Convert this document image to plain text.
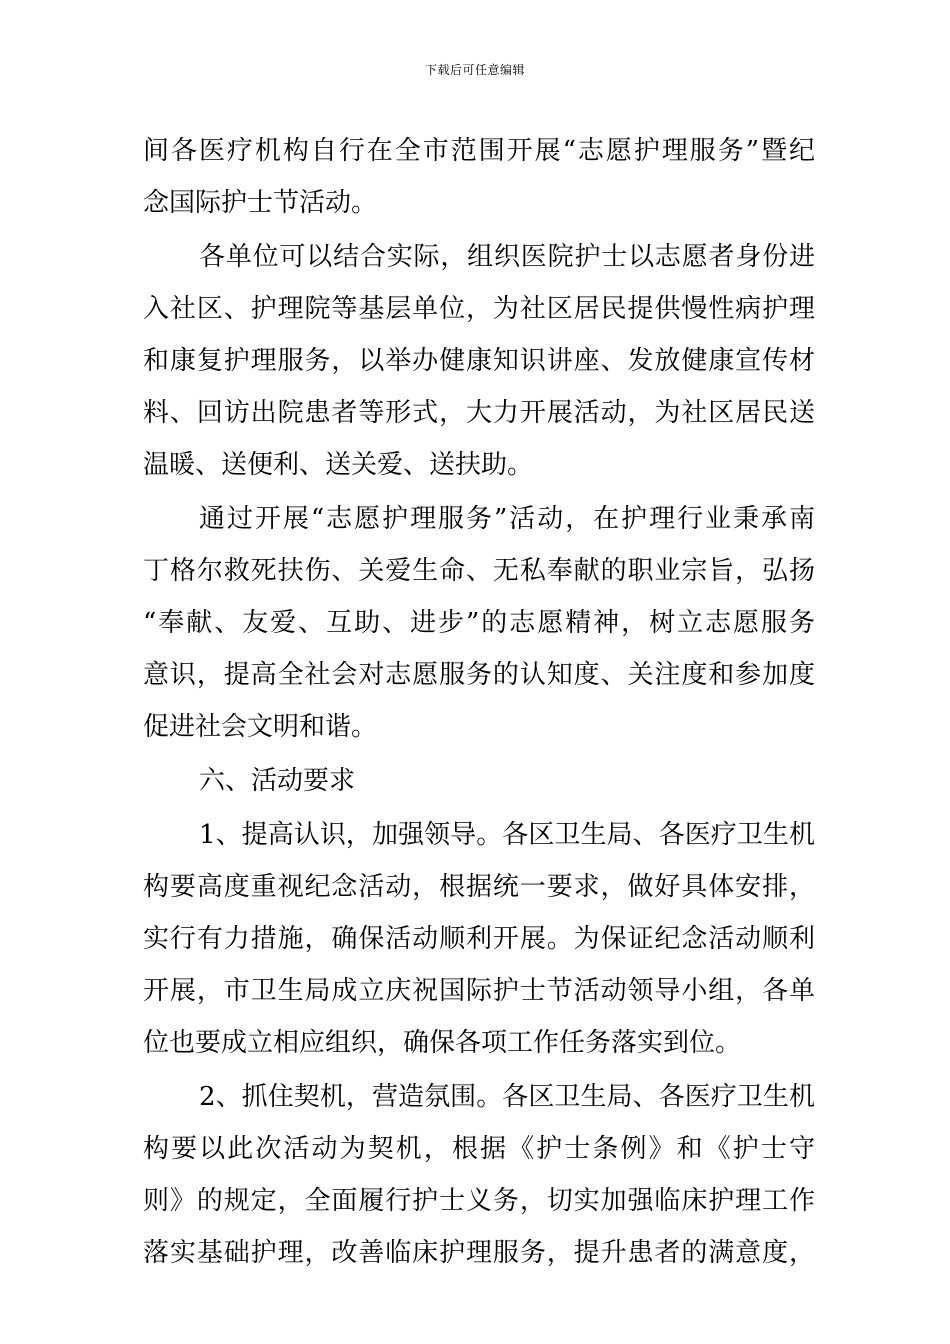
下载后可任意编辑
间各医疗机构自行在全市范围开展“志愿护理服务”暨纪
念国际护士节活动。
各单位可以结合实际，组织医院护士以志愿者身份进
入社区、护理院等基层单位，为社区居民提供慢性病护理
和康复护理服务，以举办健康知识讲座、发放健康宣传材
料、回访出院患者等形式，大力开展活动，为社区居民送
温暖、送便利、送关爱、送扶助。
通过开展“志愿护理服务”活动，在护理行业秉承南
丁格尔救死扶伤、关爱生命、无私奉献的职业宗旨，弘扬
“奉献、友爱、互助、进步”的志愿精神，树立志愿服务
意识，提高全社会对志愿服务的认知度、关注度和参加度
促进社会文明和谐。
六、活动要求
1、提高认识，加强领导。各区卫生局、各医疗卫生机
构要高度重视纪念活动，根据统一要求，做好具体安排，
实行有力措施，确保活动顺利开展。为保证纪念活动顺利
开展，市卫生局成立庆祝国际护士节活动领导小组，各单
位也要成立相应组织，确保各项工作任务落实到位。
2、抓住契机，营造氛围。各区卫生局、各医疗卫生机
构要以此次活动为契机，根据《护士条例》和《护士守
则》的规定，全面履行护士义务，切实加强临床护理工作
落实基础护理，改善临床护理服务，提升患者的满意度，
